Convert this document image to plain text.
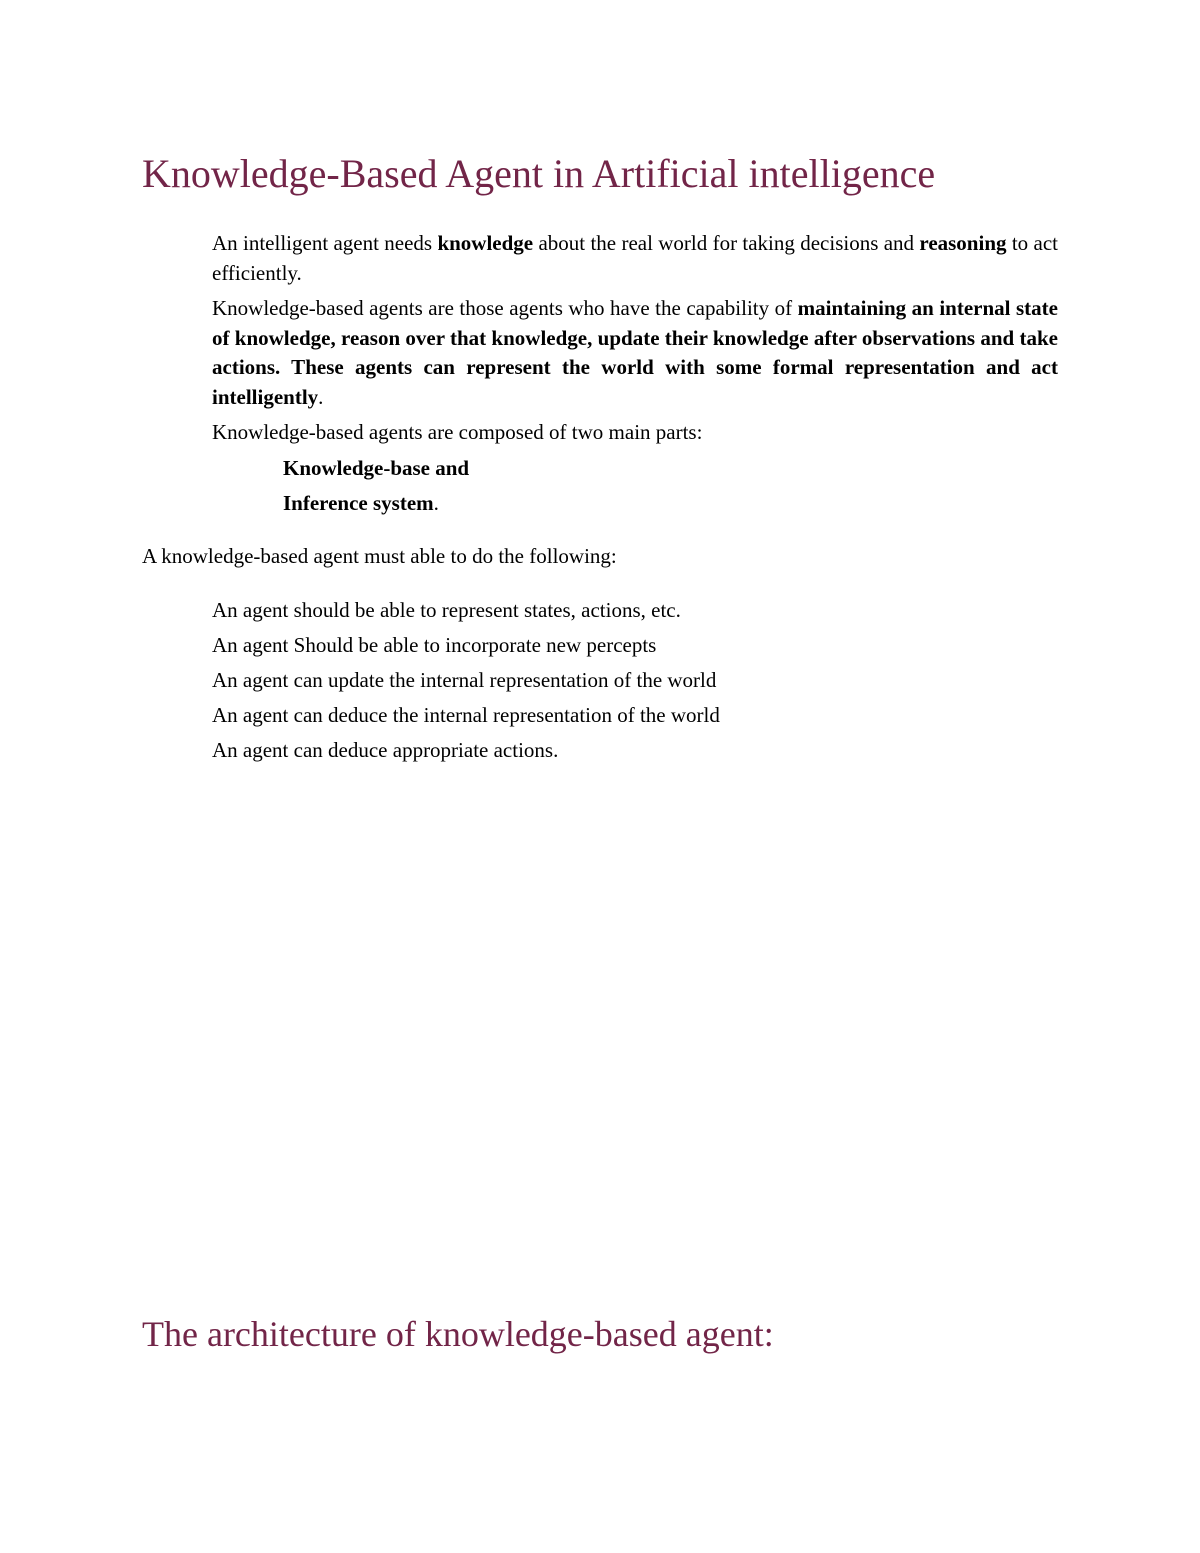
Knowledge-Based Agent in Artificial intelligence
An intelligent agent needs knowledge about the real world for taking decisions and reasoning to act efficiently.
Knowledge-based agents are those agents who have the capability of maintaining an internal state of knowledge, reason over that knowledge, update their knowledge after observations and take actions. These agents can represent the world with some formal representation and act intelligently.
Knowledge-based agents are composed of two main parts:
Knowledge-base and
Inference system.

A knowledge-based agent must able to do the following:

An agent should be able to represent states, actions, etc.
An agent Should be able to incorporate new percepts
An agent can update the internal representation of the world
An agent can deduce the internal representation of the world
An agent can deduce appropriate actions.
The architecture of knowledge-based agent:
